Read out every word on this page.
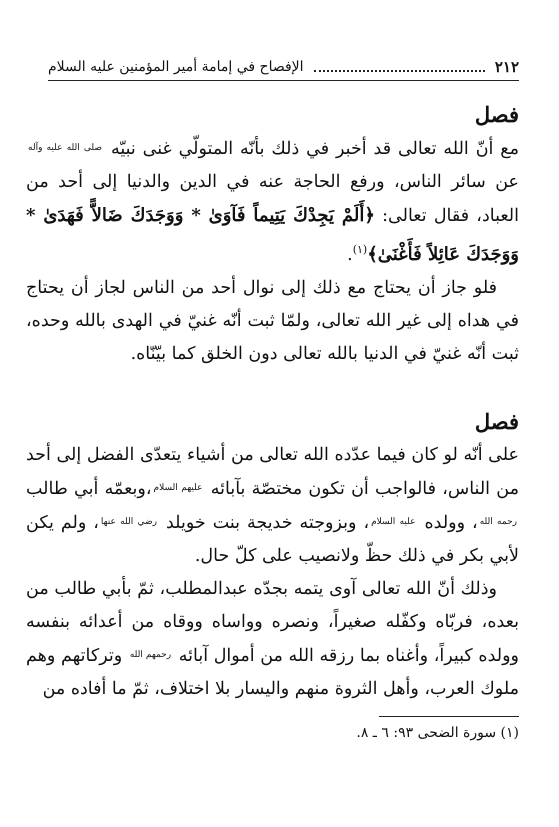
٢١٢
الإفصاح في إمامة أمير المؤمنين عليه السلام
فصل

مع أنّ الله تعالى قد أخبر في ذلك بأنّه المتولّي غنى نبيّه $^{صلى الله عليه وآله}$ عن سائر الناس، ورفع الحاجة عنه في الدين والدنيا إلى أحد من العباد، فقال تعالى: ﴿أَلَمْ يَجِدْكَ يَتِيماً فَآوَىٰ * وَوَجَدَكَ ضَالاًّ فَهَدَىٰ * وَوَجَدَكَ عَائِلاً فَأَغْنَىٰ﴾$^{(١)}$.

فلو جاز أن يحتاج مع ذلك إلى نوال أحد من الناس لجاز أن يحتاج في هداه إلى غير الله تعالى، ولمّا ثبت أنّه غنيّ في الهدى بالله وحده، ثبت أنّه غنيّ في الدنيا بالله تعالى دون الخلق كما بيّنّاه.

فصل

على أنّه لو كان فيما عدّده الله تعالى من أشياء يتعدّى الفضل إلى أحد من الناس، فالواجب أن تكون مختصّة بآبائه $^{عليهم السلام}$،وبعمّه أبي طالب $^{رحمه الله}$، وولده $^{عليه السلام}$، وبزوجته خديجة بنت خويلد $^{رضي الله عنها}$، ولم يكن لأبي بكر في ذلك حظّ ولانصيب على كلّ حال.

وذلك أنّ الله تعالى آوى يتمه بجدّه عبدالمطلب، ثمّ بأبي طالب من بعده، فربّاه وكفّله صغيراً، ونصره وواساه ووقاه من أعدائه بنفسه وولده كبيراً، وأغناه بما رزقه الله من أموال آبائه $^{رحمهم الله}$ وتركاتهم وهم ملوك العرب، وأهل الثروة منهم واليسار بلا اختلاف، ثمّ ما أفاده من

(١) سورة الضحى ٩٣: ٦ ـ ٨.
